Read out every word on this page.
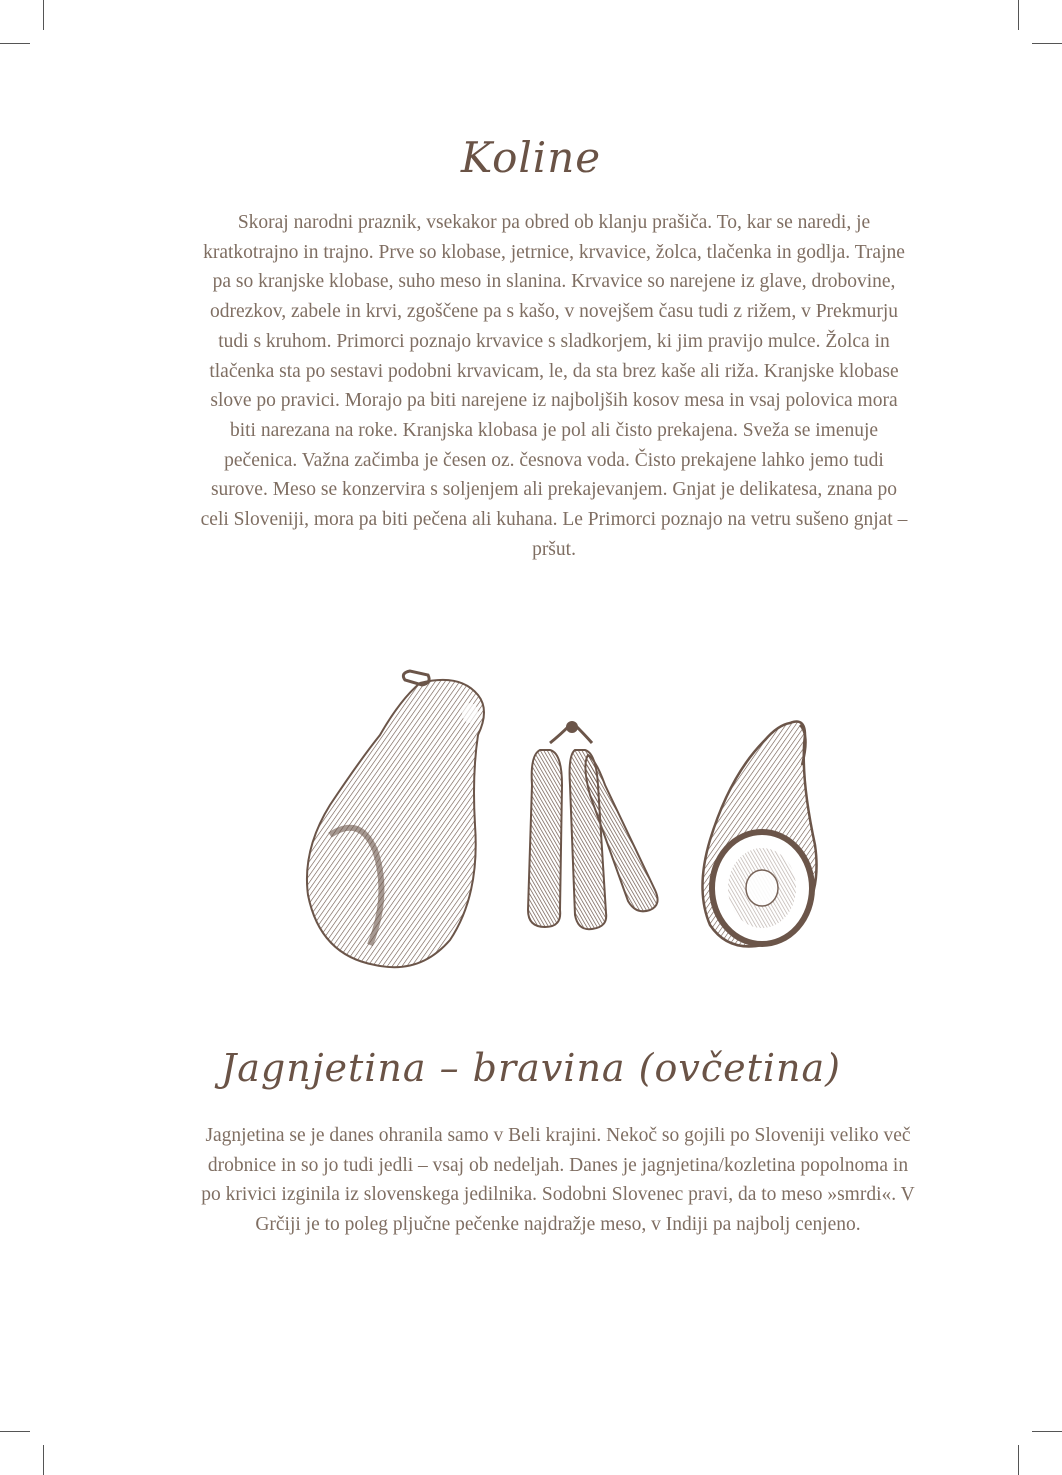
Koline

Skoraj narodni praznik, vsekakor pa obred ob klanju prašiča. To, kar se naredi, je kratkotrajno in trajno. Prve so klobase, jetrnice, krvavice, žolca, tlačenka in godlja. Trajne pa so kranjske klobase, suho meso in slanina. Krvavice so narejene iz glave, drobovine, odrezkov, zabele in krvi, zgoščene pa s kašo, v novejšem času tudi z rižem, v Prekmurju tudi s kruhom. Primorci poznajo krvavice s sladkorjem, ki jim pravijo mulce. Žolca in tlačenka sta po sestavi podobni krvavicam, le, da sta brez kaše ali riža. Kranjske klobase slove po pravici. Morajo pa biti narejene iz najboljših kosov mesa in vsaj polovica mora biti narezana na roke. Kranjska klobasa je pol ali čisto prekajena. Sveža se imenuje pečenica. Važna začimba je česen oz. česnova voda. Čisto prekajene lahko jemo tudi surove. Meso se konzervira s soljenjem ali prekajevanjem. Gnjat je delikatesa, znana po celi Sloveniji, mora pa biti pečena ali kuhana. Le Primorci poznajo na vetru sušeno gnjat – pršut.

Jagnjetina – bravina (ovčetina)

Jagnjetina se je danes ohranila samo v Beli krajini. Nekoč so gojili po Sloveniji veliko več drobnice in so jo tudi jedli – vsaj ob nedeljah. Danes je jagnjetina/kozletina popolnoma in po krivici izginila iz slovenskega jedilnika. Sodobni Slovenec pravi, da to meso »smrdi«. V Grčiji je to poleg pljučne pečenke najdražje meso, v Indiji pa najbolj cenjeno.
